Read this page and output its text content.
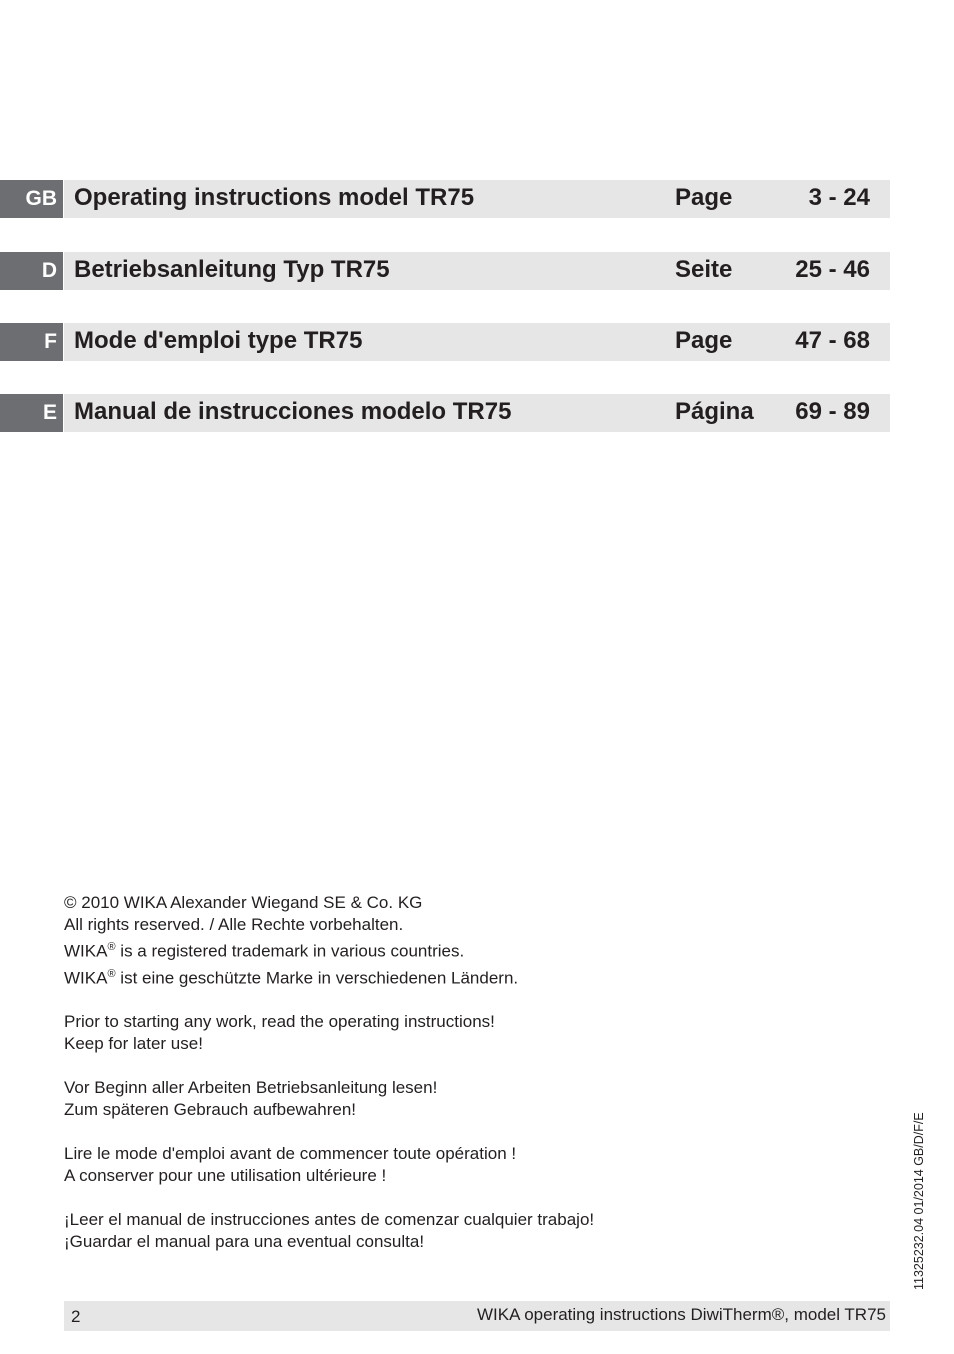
GB Operating instructions model TR75	Page	3 - 24
D Betriebsanleitung Typ TR75	Seite	25 - 46
F Mode d'emploi type TR75	Page	47 - 68
E Manual de instrucciones modelo TR75	Página 69 - 89

© 2010 WIKA Alexander Wiegand SE & Co. KG
All rights reserved. / Alle Rechte vorbehalten.
WIKA® is a registered trademark in various countries.
WIKA® ist eine geschützte Marke in verschiedenen Ländern.

Prior to starting any work, read the operating instructions!
Keep for later use!

Vor Beginn aller Arbeiten Betriebsanleitung lesen!
Zum späteren Gebrauch aufbewahren!

Lire le mode d'emploi avant de commencer toute opération !
A conserver pour une utilisation ultérieure !

¡Leer el manual de instrucciones antes de comenzar cualquier trabajo!
¡Guardar el manual para una eventual consulta!	11325232.04 01/2014 GB/D/F/E
2	WIKA operating instructions DiwiTherm®, model TR75
